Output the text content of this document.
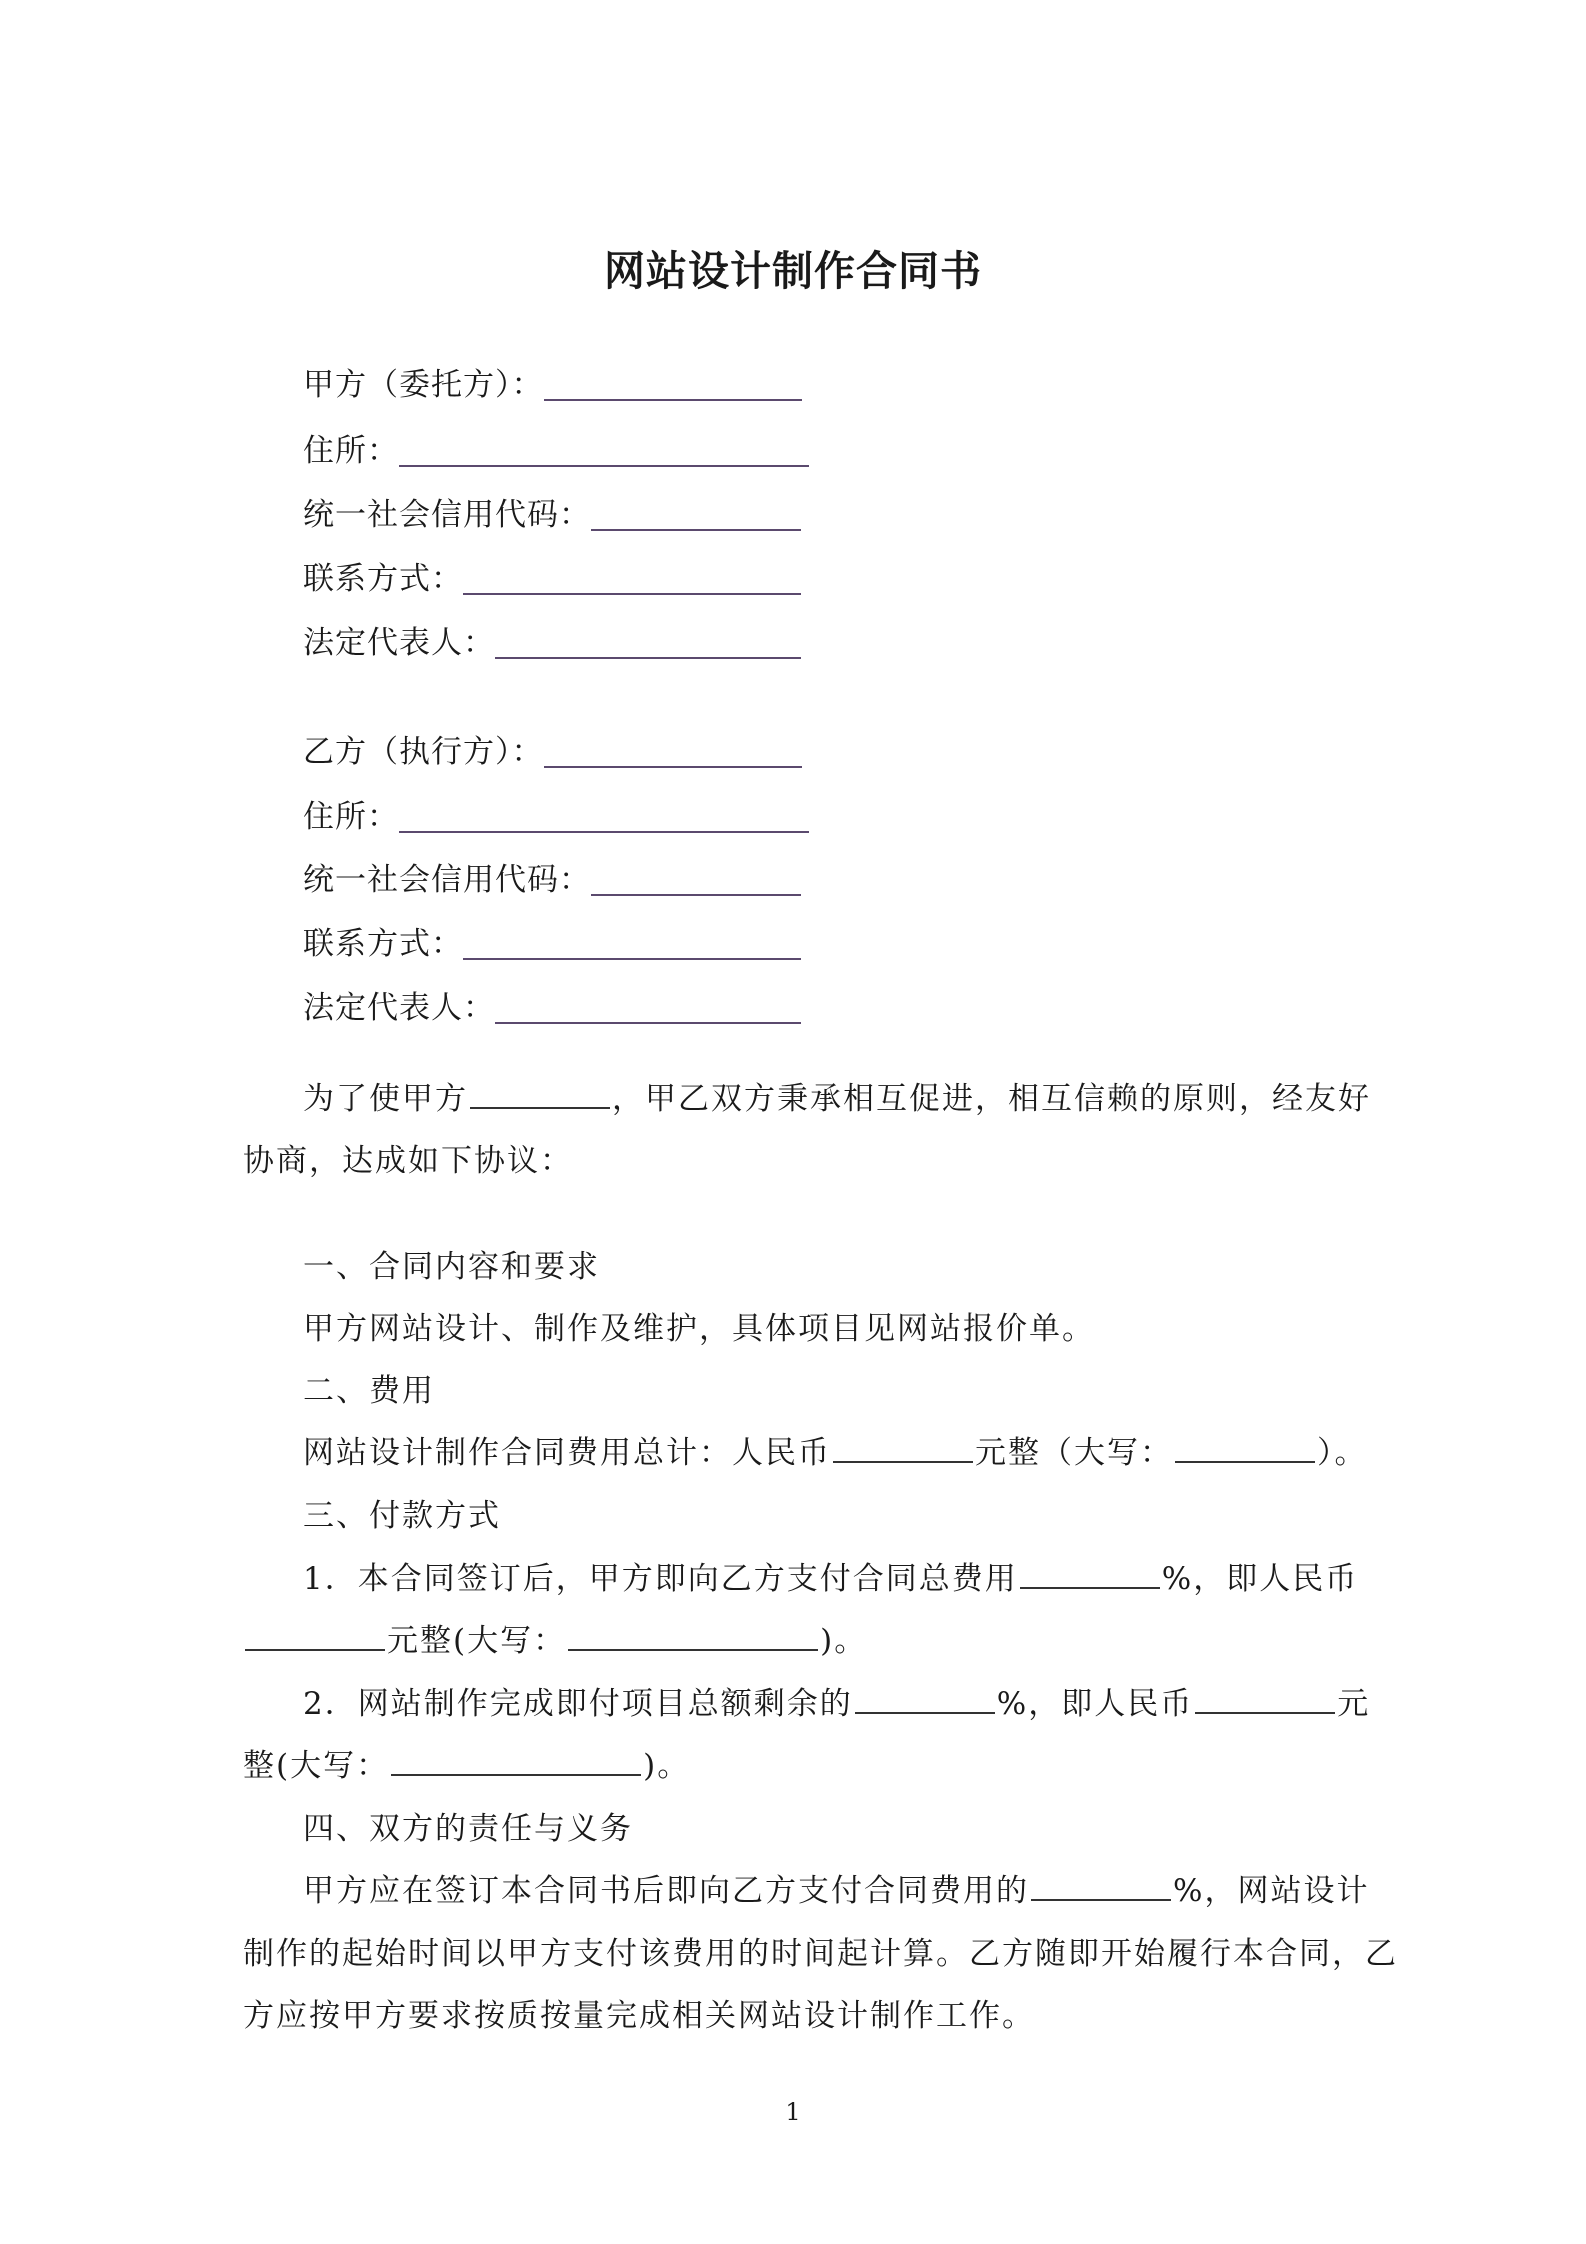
网站设计制作合同书
甲方（委托方）：
住所：
统一社会信用代码：
联系方式：
法定代表人：
乙方（执行方）：
住所：
统一社会信用代码：
联系方式：
法定代表人：
为了使甲方	，甲乙双方秉承相互促进，相互信赖的原则，经友好
协商，达成如下协议：
一、合同内容和要求
甲方网站设计、制作及维护，具体项目见网站报价单。
二、费用
网站设计制作合同费用总计：人民币	元整（大写：	）。
三、付款方式
1．本合同签订后，甲方即向乙方支付合同总费用	%，即人民币
元整(大写：	)。
2．网站制作完成即付项目总额剩余的	%，即人民币	元
整(大写：	)。
四、双方的责任与义务
甲方应在签订本合同书后即向乙方支付合同费用的	%，网站设计
制作的起始时间以甲方支付该费用的时间起计算。乙方随即开始履行本合同，乙
方应按甲方要求按质按量完成相关网站设计制作工作。
1
